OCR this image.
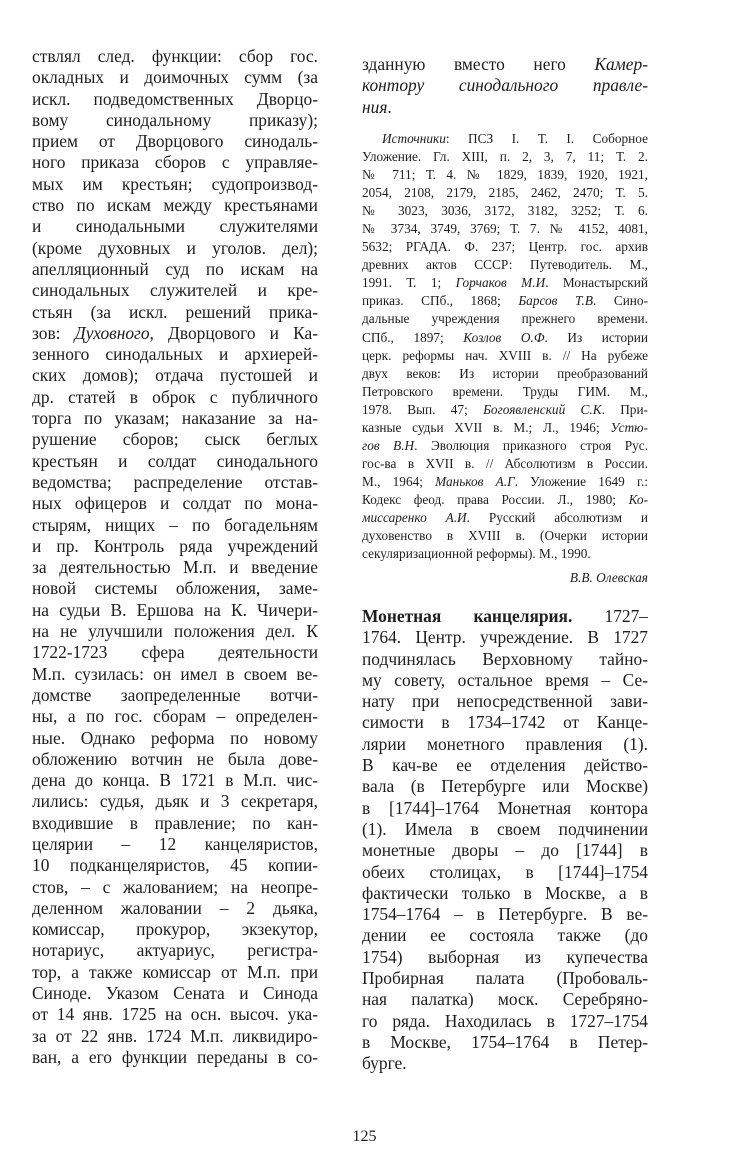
ствлял след. функции: сбор гос.
окладных и доимочных сумм (за
искл. подведомственных Дворцо-
вому синодальному приказу);
прием от Дворцового синодаль-
ного приказа сборов с управляе-
мых им крестьян; судопроизвод-
ство по искам между крестьянами
и синодальными служителями
(кроме духовных и уголов. дел);
апелляционный суд по искам на
синодальных служителей и кре-
стьян (за искл. решений прика-
зов: Духовного, Дворцового и Ка-
зенного синодальных и архиерей-
ских домов); отдача пустошей и
др. статей в оброк с публичного
торга по указам; наказание за на-
рушение сборов; сыск беглых
крестьян и солдат синодального
ведомства; распределение отстав-
ных офицеров и солдат по мона-
стырям, нищих – по богадельням
и пр. Контроль ряда учреждений
за деятельностью М.п. и введение
новой системы обложения, заме-
на судьи В. Ершова на К. Чичери-
на не улучшили положения дел. К
1722-1723 сфера деятельности
М.п. сузилась: он имел в своем ве-
домстве заопределенные вотчи-
ны, а по гос. сборам – определен-
ные. Однако реформа по новому
обложению вотчин не была дове-
дена до конца. В 1721 в М.п. чис-
лились: судья, дьяк и 3 секретаря,
входившие в правление; по кан-
целярии – 12 канцеляристов,
10 подканцеляристов, 45 копии-
стов, – с жалованием; на неопре-
деленном жаловании – 2 дьяка,
комиссар, прокурор, экзекутор,
нотариус, актуариус, регистра-
тор, а также комиссар от М.п. при
Синоде. Указом Сената и Синода
от 14 янв. 1725 на осн. высоч. ука-
за от 22 янв. 1724 М.п. ликвидиро-
ван, а его функции переданы в со-
зданную вместо него Камер-
контору синодального правле-
ния.
Источники: ПСЗ I. Т. I. Соборное
Уложение. Гл. XIII, п. 2, 3, 7, 11; Т. 2.
№ 711; Т. 4. № 1829, 1839, 1920, 1921,
2054, 2108, 2179, 2185, 2462, 2470; Т. 5.
№ 3023, 3036, 3172, 3182, 3252; Т. 6.
№ 3734, 3749, 3769; Т. 7. № 4152, 4081,
5632; РГАДА. Ф. 237; Центр. гос. архив
древних актов СССР: Путеводитель. М.,
1991. Т. 1; Горчаков М.И. Монастырский
приказ. СПб., 1868; Барсов Т.В. Сино-
дальные учреждения прежнего времени.
СПб., 1897; Козлов О.Ф. Из истории
церк. реформы нач. XVIII в. // На рубеже
двух веков: Из истории преобразований
Петровского времени. Труды ГИМ. М.,
1978. Вып. 47; Богоявленский С.К. При-
казные судьи XVII в. М.; Л., 1946; Устю-
гов В.Н. Эволюция приказного строя Рус.
гос-ва в XVII в. // Абсолютизм в России.
М., 1964; Маньков А.Г. Уложение 1649 г.:
Кодекс феод. права России. Л., 1980; Ко-
миссаренко А.И. Русский абсолютизм и
духовенство в XVIII в. (Очерки истории
секуляризационной реформы). М., 1990.
В.В. Олевская
Монетная канцелярия. 1727–
1764. Центр. учреждение. В 1727
подчинялась Верховному тайно-
му совету, остальное время – Се-
нату при непосредственной зави-
симости в 1734–1742 от Канце-
лярии монетного правления (1).
В кач-ве ее отделения действо-
вала (в Петербурге или Москве)
в [1744]–1764 Монетная контора
(1). Имела в своем подчинении
монетные дворы – до [1744] в
обеих столицах, в [1744]–1754
фактически только в Москве, а в
1754–1764 – в Петербурге. В ве-
дении ее состояла также (до
1754) выборная из купечества
Пробирная палата (Пробоваль-
ная палатка) моск. Серебряно-
го ряда. Находилась в 1727–1754
в Москве, 1754–1764 в Петер-
бурге.
125
